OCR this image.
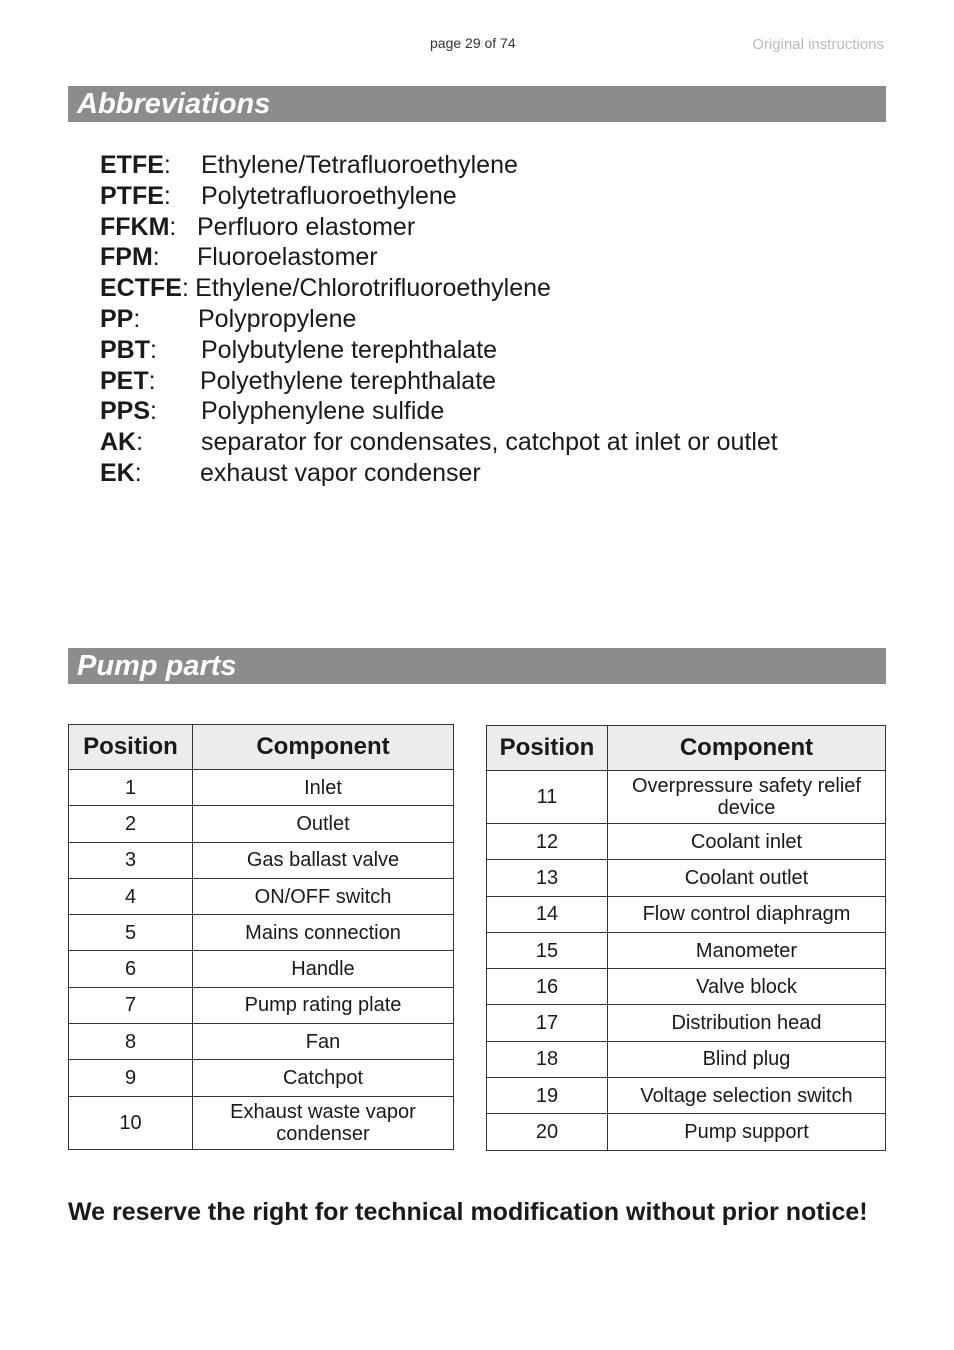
page 29 of 74	Original instructions
Abbreviations
ETFE: Ethylene/Tetrafluoroethylene
PTFE: Polytetrafluoroethylene
FFKM: Perfluoro elastomer
FPM: Fluoroelastomer
ECTFE: Ethylene/Chlorotrifluoroethylene
PP: Polypropylene
PBT: Polybutylene terephthalate
PET: Polyethylene terephthalate
PPS: Polyphenylene sulfide
AK: separator for condensates, catchpot at inlet or outlet
EK: exhaust vapor condenser
Pump parts
Position	Component
1	Inlet
2	Outlet
3	Gas ballast valve
4	ON/OFF switch
5	Mains connection
6	Handle
7	Pump rating plate
8	Fan
9	Catchpot
10	Exhaust waste vapor condenser
Position	Component
11	Overpressure safety relief device
12	Coolant inlet
13	Coolant outlet
14	Flow control diaphragm
15	Manometer
16	Valve block
17	Distribution head
18	Blind plug
19	Voltage selection switch
20	Pump support
We reserve the right for technical modification without prior notice!
